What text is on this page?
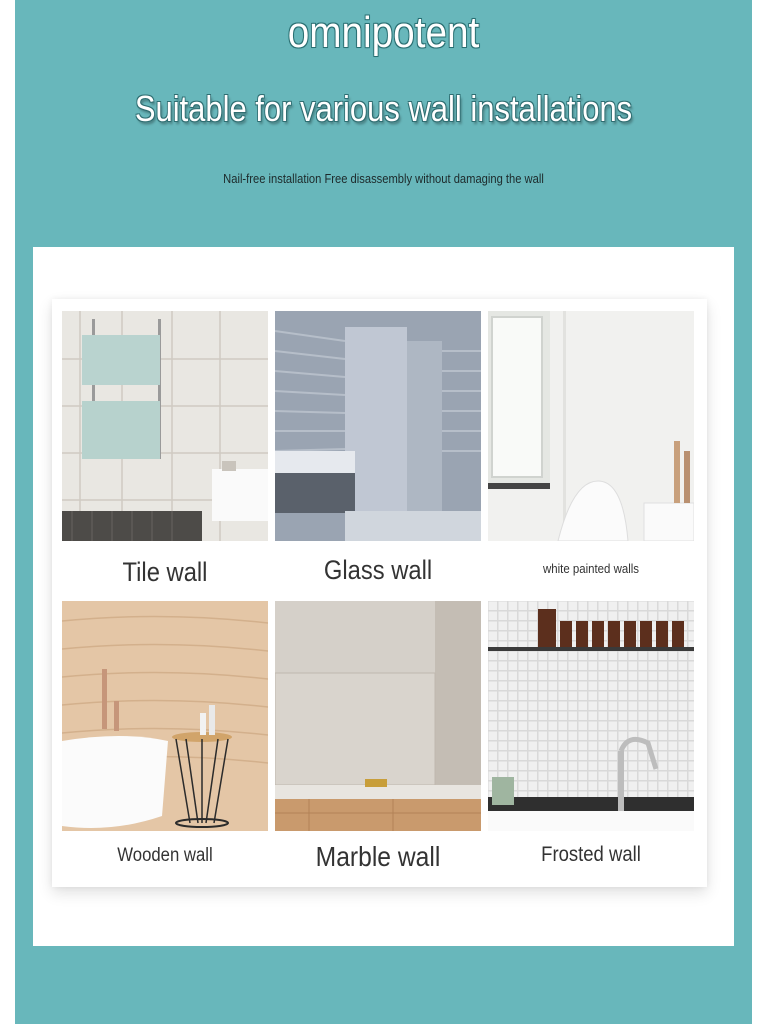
omnipotent
Suitable for various wall installations
Nail-free installation Free disassembly without damaging the wall
Tile wall	Glass wall	white painted walls
Wooden wall	Marble wall	Frosted wall
